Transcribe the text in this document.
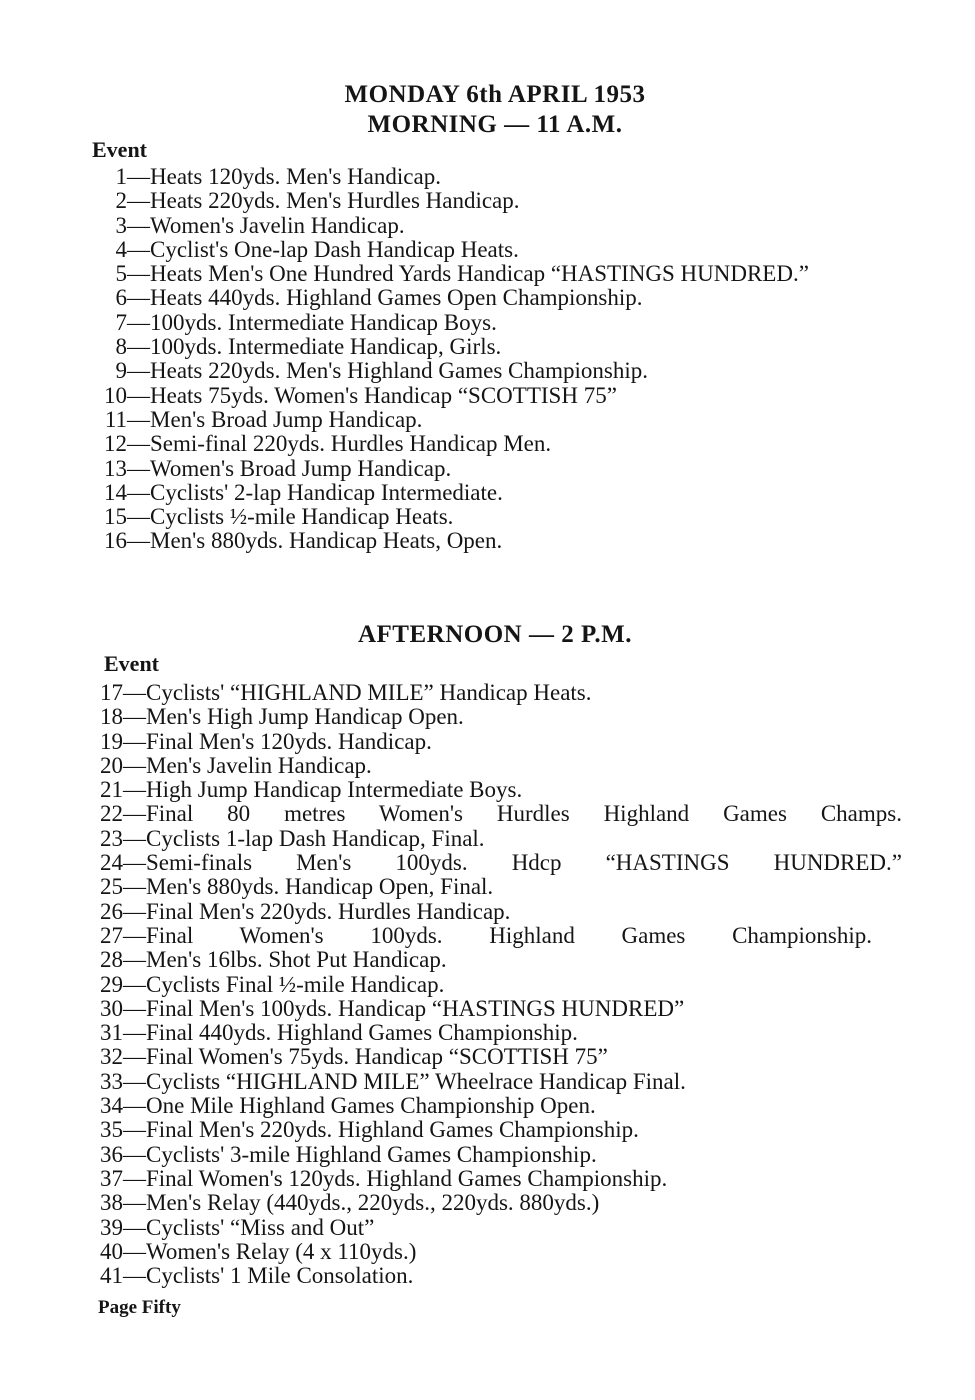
MONDAY 6th APRIL 1953
MORNING — 11 A.M.
Event
1— Heats 120yds. Men's Handicap.
2— Heats 220yds. Men's Hurdles Handicap.
3— Women's Javelin Handicap.
4— Cyclist's One-lap Dash Handicap Heats.
5— Heats Men's One Hundred Yards Handicap “HASTINGS HUNDRED.”
6— Heats 440yds. Highland Games Open Championship.
7— 100yds. Intermediate Handicap Boys.
8— 100yds. Intermediate Handicap, Girls.
9— Heats 220yds. Men's Highland Games Championship.
10— Heats 75yds. Women's Handicap “SCOTTISH 75”
11— Men's Broad Jump Handicap.
12— Semi-final 220yds. Hurdles Handicap Men.
13— Women's Broad Jump Handicap.
14— Cyclists' 2-lap Handicap Intermediate.
15— Cyclists ½-mile Handicap Heats.
16— Men's 880yds. Handicap Heats, Open.
AFTERNOON — 2 P.M.
Event
17— Cyclists' “HIGHLAND MILE” Handicap Heats.
18— Men's High Jump Handicap Open.
19— Final Men's 120yds. Handicap.
20— Men's Javelin Handicap.
21— High Jump Handicap Intermediate Boys.
22— Final 80 metres Women's Hurdles Highland Games Champs.
23— Cyclists 1-lap Dash Handicap, Final.
24— Semi-finals Men's 100yds. Hdcp “HASTINGS HUNDRED.”
25— Men's 880yds. Handicap Open, Final.
26— Final Men's 220yds. Hurdles Handicap.
27— Final Women's 100yds. Highland Games Championship.
28— Men's 16lbs. Shot Put Handicap.
29— Cyclists Final ½-mile Handicap.
30— Final Men's 100yds. Handicap “HASTINGS HUNDRED”
31— Final 440yds. Highland Games Championship.
32— Final Women's 75yds. Handicap “SCOTTISH 75”
33— Cyclists “HIGHLAND MILE” Wheelrace Handicap Final.
34— One Mile Highland Games Championship Open.
35— Final Men's 220yds. Highland Games Championship.
36— Cyclists' 3-mile Highland Games Championship.
37— Final Women's 120yds. Highland Games Championship.
38— Men's Relay (440yds., 220yds., 220yds. 880yds.)
39— Cyclists' “Miss and Out”
40— Women's Relay (4 x 110yds.)
41— Cyclists' 1 Mile Consolation.
Page Fifty
